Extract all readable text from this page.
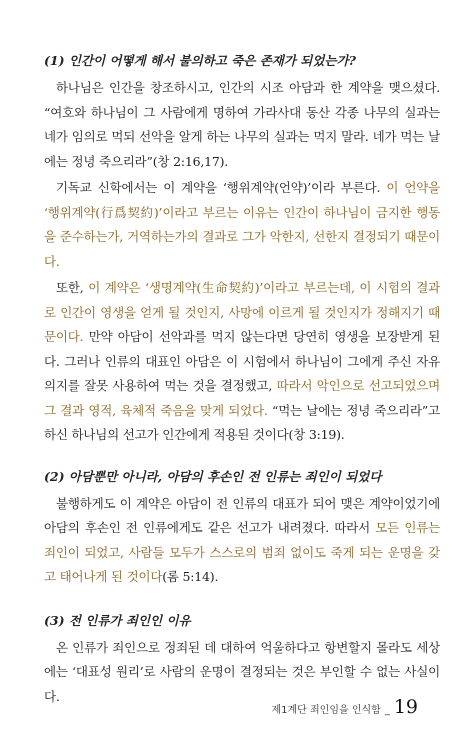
(1) 인간이 어떻게 해서 불의하고 죽은 존재가 되었는가?

하나님은 인간을 창조하시고, 인간의 시조 아담과 한 계약을 맺으셨다. “여호와 하나님이 그 사람에게 명하여 가라사대 동산 각종 나무의 실과는 네가 임의로 먹되 선악을 알게 하는 나무의 실과는 먹지 말라. 네가 먹는 날에는 정녕 죽으리라”(창 2:16,17).

기독교 신학에서는 이 계약을 ‘행위계약(언약)’이라 부른다. 이 언약을 ‘행위계약(行爲契約)’이라고 부르는 이유는 인간이 하나님이 금지한 행동을 준수하는가, 거역하는가의 결과로 그가 악한지, 선한지 결정되기 때문이다.

또한, 이 계약은 ‘생명계약(生命契約)’이라고 부르는데, 이 시험의 결과로 인간이 영생을 얻게 될 것인지, 사망에 이르게 될 것인지가 정해지기 때문이다. 만약 아담이 선악과를 먹지 않는다면 당연히 영생을 보장받게 된다. 그러나 인류의 대표인 아담은 이 시험에서 하나님이 그에게 주신 자유의지를 잘못 사용하여 먹는 것을 결정했고, 따라서 악인으로 선고되었으며 그 결과 영적, 육체적 죽음을 맞게 되었다. “먹는 날에는 정녕 죽으리라”고 하신 하나님의 선고가 인간에게 적용된 것이다(창 3:19).

(2) 아담뿐만 아니라, 아담의 후손인 전 인류는 죄인이 되었다

불행하게도 이 계약은 아담이 전 인류의 대표가 되어 맺은 계약이었기에 아담의 후손인 전 인류에게도 같은 선고가 내려졌다. 따라서 모든 인류는 죄인이 되었고, 사람들 모두가 스스로의 범죄 없이도 죽게 되는 운명을 갖고 태어나게 된 것이다(롬 5:14).

(3) 전 인류가 죄인인 이유

온 인류가 죄인으로 정죄된 데 대하여 억울하다고 항변할지 몰라도 세상에는 ‘대표성 원리’로 사람의 운명이 결정되는 것은 부인할 수 없는 사실이다.

제1계단 죄인임을 인식함 _ 19
